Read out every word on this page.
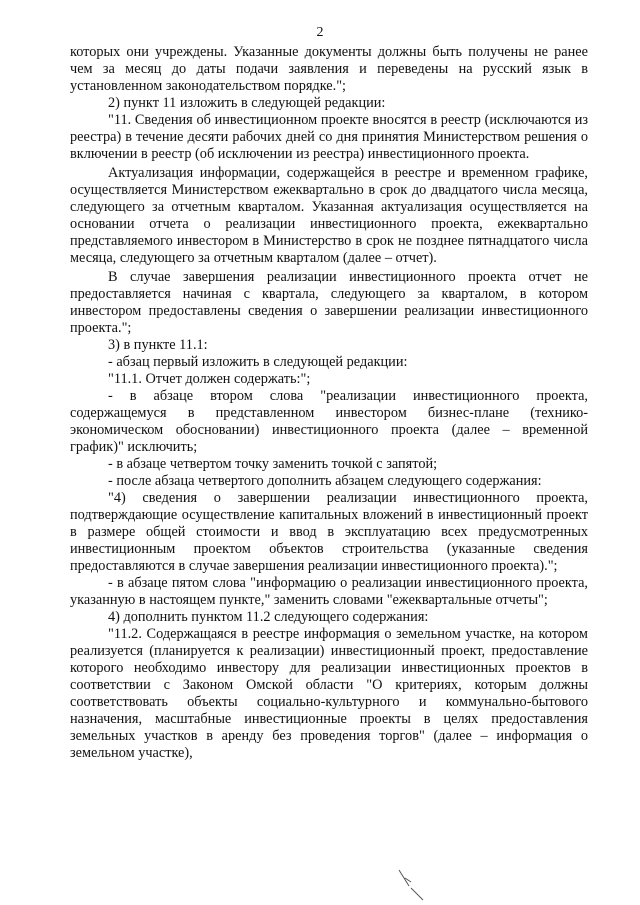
2
которых они учреждены. Указанные документы должны быть получены не ранее чем за месяц до даты подачи заявления и переведены на русский язык в установленном законодательством порядке.";
2) пункт 11 изложить в следующей редакции:
"11. Сведения об инвестиционном проекте вносятся в реестр (исключаются из реестра) в течение десяти рабочих дней со дня принятия Министерством решения о включении в реестр (об исключении из реестра) инвестиционного проекта.
Актуализация информации, содержащейся в реестре и временном графике, осуществляется Министерством ежеквартально в срок до двадцатого числа месяца, следующего за отчетным кварталом. Указанная актуализация осуществляется на основании отчета о реализации инвестиционного проекта, ежеквартально представляемого инвестором в Министерство в срок не позднее пятнадцатого числа месяца, следующего за отчетным кварталом (далее – отчет).
В случае завершения реализации инвестиционного проекта отчет не предоставляется начиная с квартала, следующего за кварталом, в котором инвестором предоставлены сведения о завершении реализации инвестиционного проекта.";
3) в пункте 11.1:
- абзац первый изложить в следующей редакции:
"11.1. Отчет должен содержать:";
- в абзаце втором слова "реализации инвестиционного проекта, содержащемуся в представленном инвестором бизнес-плане (технико-экономическом обосновании) инвестиционного проекта (далее – временной график)" исключить;
- в абзаце четвертом точку заменить точкой с запятой;
- после абзаца четвертого дополнить абзацем следующего содержания:
"4) сведения о завершении реализации инвестиционного проекта, подтверждающие осуществление капитальных вложений в инвестиционный проект в размере общей стоимости и ввод в эксплуатацию всех предусмотренных инвестиционным проектом объектов строительства (указанные сведения предоставляются в случае завершения реализации инвестиционного проекта).";
- в абзаце пятом слова "информацию о реализации инвестиционного проекта, указанную в настоящем пункте," заменить словами "ежеквартальные отчеты";
4) дополнить пунктом 11.2 следующего содержания:
"11.2. Содержащаяся в реестре информация о земельном участке, на котором реализуется (планируется к реализации) инвестиционный проект, предоставление которого необходимо инвестору для реализации инвестиционных проектов в соответствии с Законом Омской области "О критериях, которым должны соответствовать объекты социально-культурного и коммунально-бытового назначения, масштабные инвестиционные проекты в целях предоставления земельных участков в аренду без проведения торгов" (далее – информация о земельном участке),
